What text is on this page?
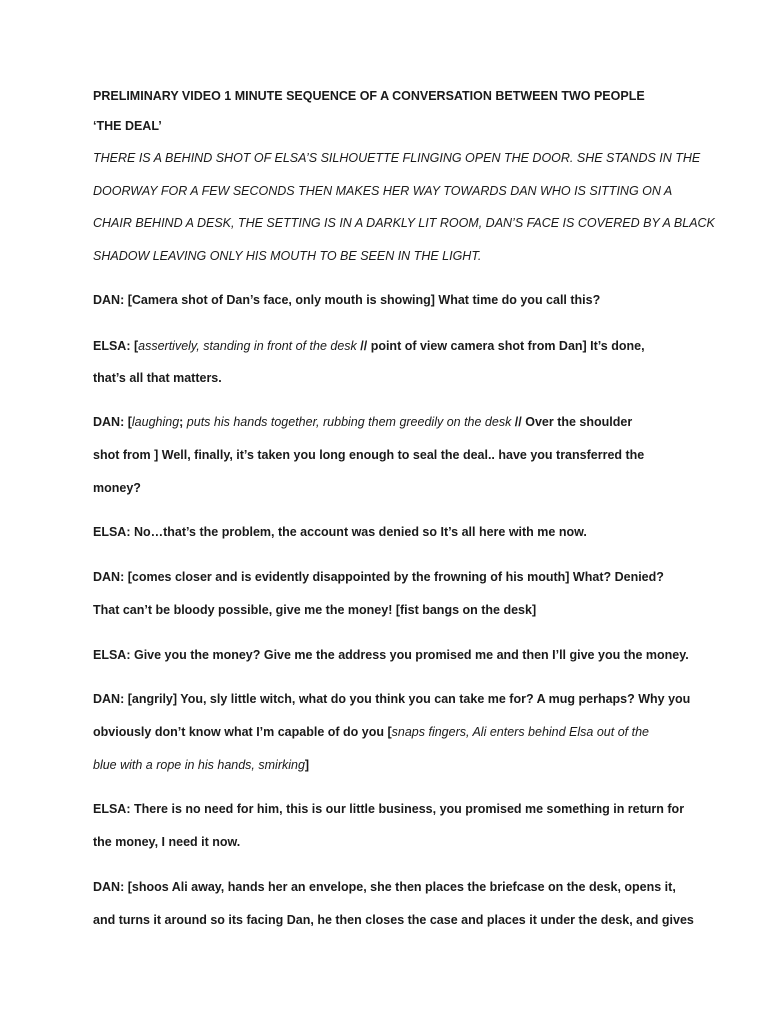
PRELIMINARY VIDEO 1 MINUTE SEQUENCE OF A CONVERSATION BETWEEN TWO PEOPLE

‘THE DEAL’

THERE IS A BEHIND SHOT OF ELSA’S SILHOUETTE FLINGING OPEN THE DOOR. SHE STANDS IN THE

DOORWAY FOR A FEW SECONDS THEN MAKES HER WAY TOWARDS DAN WHO IS SITTING ON A

CHAIR BEHIND A DESK, THE SETTING IS IN A DARKLY LIT ROOM, DAN’S FACE IS COVERED BY A BLACK

SHADOW LEAVING ONLY HIS MOUTH TO BE SEEN IN THE LIGHT.

DAN: [Camera shot of Dan’s face, only mouth is showing] What time do you call this?

ELSA: [assertively, standing in front of the desk // point of view camera shot from Dan] It’s done,

that’s all that matters.

DAN: [laughing; puts his hands together, rubbing them greedily on the desk // Over the shoulder

shot from ] Well, finally, it’s taken you long enough to seal the deal.. have you transferred the

money?

ELSA: No…that’s the problem, the account was denied so It’s all here with me now.

DAN: [comes closer and is evidently disappointed by the frowning of his mouth] What? Denied?

That can’t be bloody possible, give me the money! [fist bangs on the desk]

ELSA: Give you the money? Give me the address you promised me and then I’ll give you the money.

DAN: [angrily] You, sly little witch, what do you think you can take me for? A mug perhaps? Why you

obviously don’t know what I’m capable of do you [snaps fingers, Ali enters behind Elsa out of the

blue with a rope in his hands, smirking]

ELSA: There is no need for him, this is our little business, you promised me something in return for

the money, I need it now.

DAN: [shoos Ali away, hands her an envelope, she then places the briefcase on the desk, opens it,

and turns it around so its facing Dan, he then closes the case and places it under the desk, and gives
